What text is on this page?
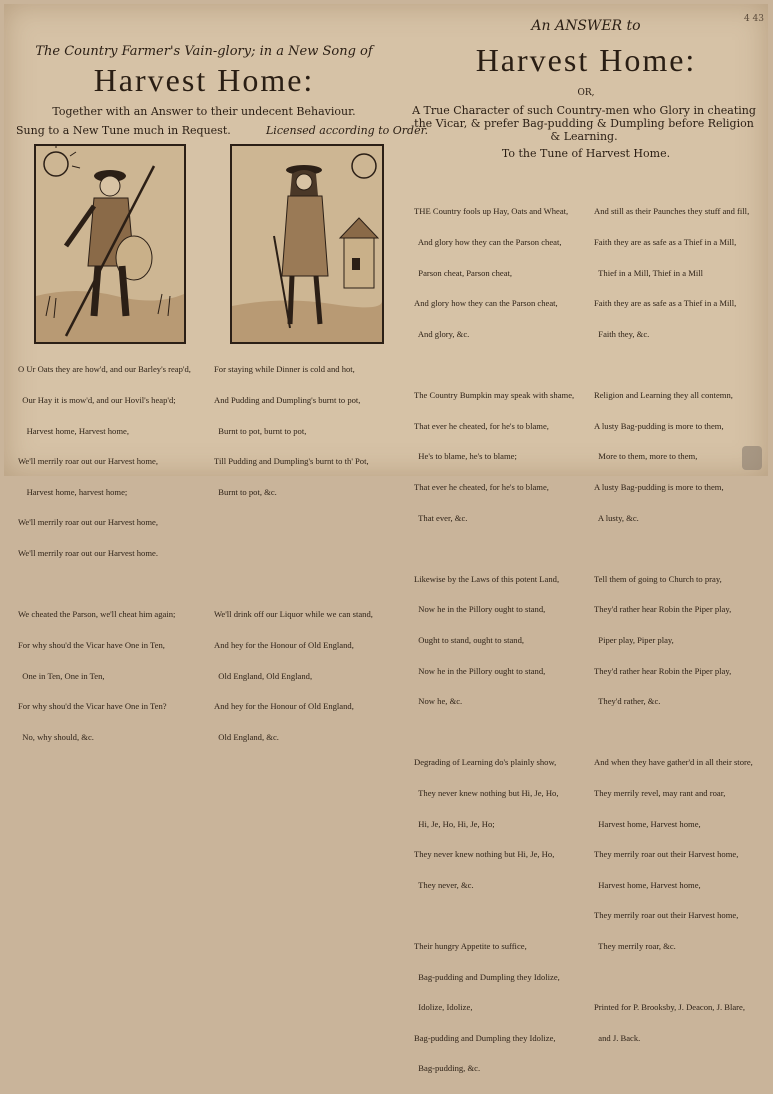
4 43
The Country Farmer's Vain-glory; in a New Song of
Harvest Home:
Together with an Answer to their undecent Behaviour.
Sung to a New Tune much in Request.	Licensed according to Order.

O Ur Oats they are how'd, and our Barley's reap'd,

Our Hay it is mow'd, and our Hovil's heap'd;

Harvest home, Harvest home,

We'll merrily roar out our Harvest home,

Harvest home, harvest home;

We'll merrily roar out our Harvest home,

We'll merrily roar out our Harvest home.

We cheated the Parson, we'll cheat him again;

For why shou'd the Vicar have One in Ten,

One in Ten, One in Ten,

For why shou'd the Vicar have One in Ten?

No, why should, &c.

For staying while Dinner is cold and hot,

And Pudding and Dumpling's burnt to pot,

Burnt to pot, burnt to pot,

Till Pudding and Dumpling's burnt to th' Pot,

Burnt to pot, &c.

We'll drink off our Liquor while we can stand,

And hey for the Honour of Old England,

Old England, Old England,

And hey for the Honour of Old England,

Old England, &c.

An ANSWER to
Harvest Home:
OR,
A True Character of such Country-men who Glory in cheating the Vicar, & prefer Bag-pudding & Dumpling before Religion & Learning.
To the Tune of Harvest Home.

THE Country fools up Hay, Oats and Wheat,

And glory how they can the Parson cheat,

Parson cheat, Parson cheat,

And glory how they can the Parson cheat,

And glory, &c.

The Country Bumpkin may speak with shame,

That ever he cheated, for he's to blame,

He's to blame, he's to blame;

That ever he cheated, for he's to blame,

That ever, &c.

Likewise by the Laws of this potent Land,

Now he in the Pillory ought to stand,

Ought to stand, ought to stand,

Now he in the Pillory ought to stand,

Now he, &c.

Degrading of Learning do's plainly show,

They never knew nothing but Hi, Je, Ho,

Hi, Je, Ho, Hi, Je, Ho;

They never knew nothing but Hi, Je, Ho,

They never, &c.

Their hungry Appetite to suffice,

Bag-pudding and Dumpling they Idolize,

Idolize, Idolize,

Bag-pudding and Dumpling they Idolize,

Bag-pudding, &c.

And still as their Paunches they stuff and fill,

Faith they are as safe as a Thief in a Mill,

Thief in a Mill, Thief in a Mill

Faith they are as safe as a Thief in a Mill,

Faith they, &c.

Religion and Learning they all contemn,

A lusty Bag-pudding is more to them,

More to them, more to them,

A lusty Bag-pudding is more to them,

A lusty, &c.

Tell them of going to Church to pray,

They'd rather hear Robin the Piper play,

Piper play, Piper play,

They'd rather hear Robin the Piper play,

They'd rather, &c.

And when they have gather'd in all their store,

They merrily revel, may rant and roar,

Harvest home, Harvest home,

They merrily roar out their Harvest home,

Harvest home, Harvest home,

They merrily roar out their Harvest home,

They merrily roar, &c.

Printed for P. Brooksby, J. Deacon, J. Blare,

and J. Back.
